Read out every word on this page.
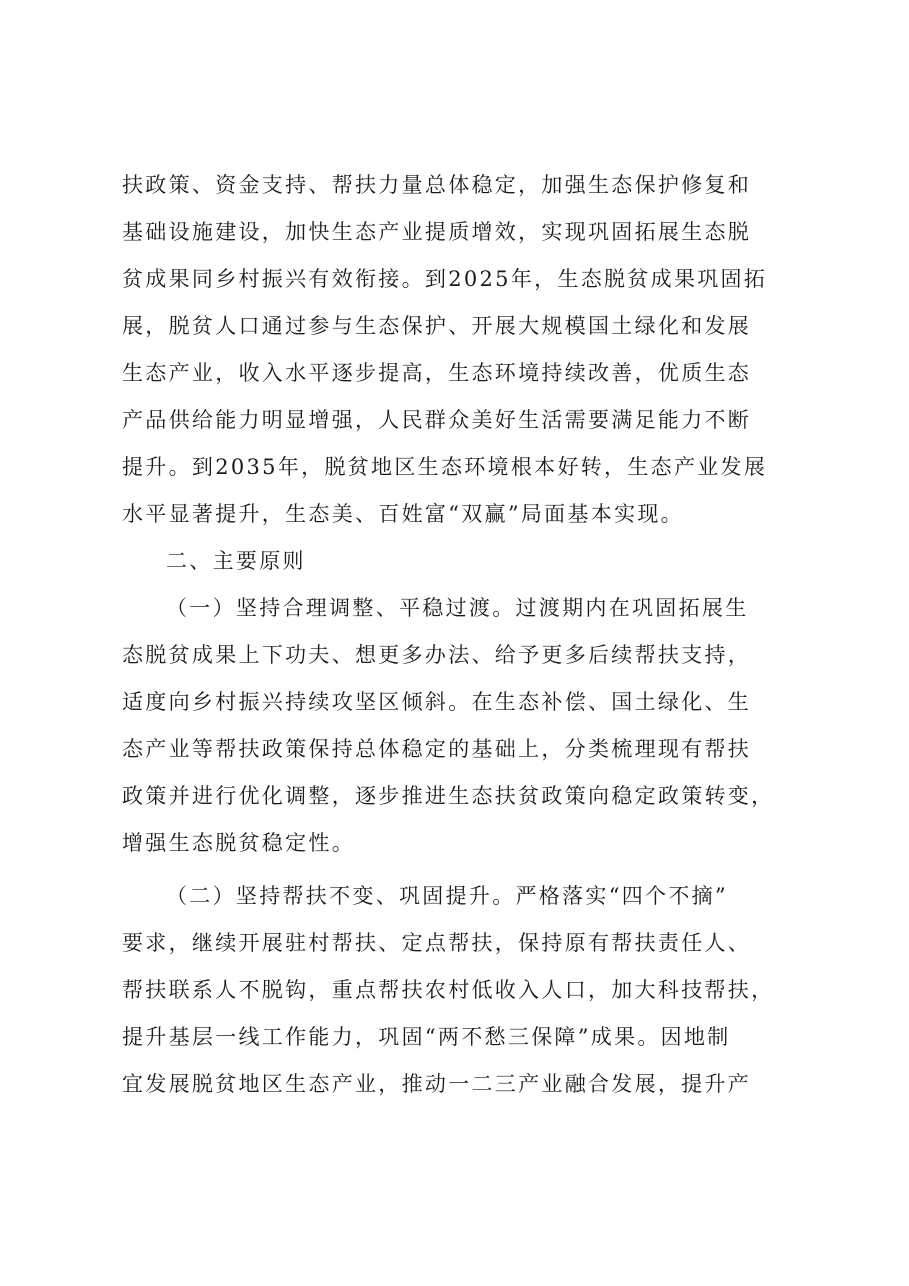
扶政策、资金支持、帮扶力量总体稳定，加强生态保护修复和
基础设施建设，加快生态产业提质增效，实现巩固拓展生态脱
贫成果同乡村振兴有效衔接。到2025年，生态脱贫成果巩固拓
展，脱贫人口通过参与生态保护、开展大规模国土绿化和发展
生态产业，收入水平逐步提高，生态环境持续改善，优质生态
产品供给能力明显增强，人民群众美好生活需要满足能力不断
提升。到2035年，脱贫地区生态环境根本好转，生态产业发展
水平显著提升，生态美、百姓富“双赢”局面基本实现。

二、主要原则

（一）坚持合理调整、平稳过渡。过渡期内在巩固拓展生
态脱贫成果上下功夫、想更多办法、给予更多后续帮扶支持，
适度向乡村振兴持续攻坚区倾斜。在生态补偿、国土绿化、生
态产业等帮扶政策保持总体稳定的基础上，分类梳理现有帮扶
政策并进行优化调整，逐步推进生态扶贫政策向稳定政策转变，
增强生态脱贫稳定性。

（二）坚持帮扶不变、巩固提升。严格落实“四个不摘”
要求，继续开展驻村帮扶、定点帮扶，保持原有帮扶责任人、
帮扶联系人不脱钩，重点帮扶农村低收入人口，加大科技帮扶，
提升基层一线工作能力，巩固“两不愁三保障”成果。因地制
宜发展脱贫地区生态产业，推动一二三产业融合发展，提升产
